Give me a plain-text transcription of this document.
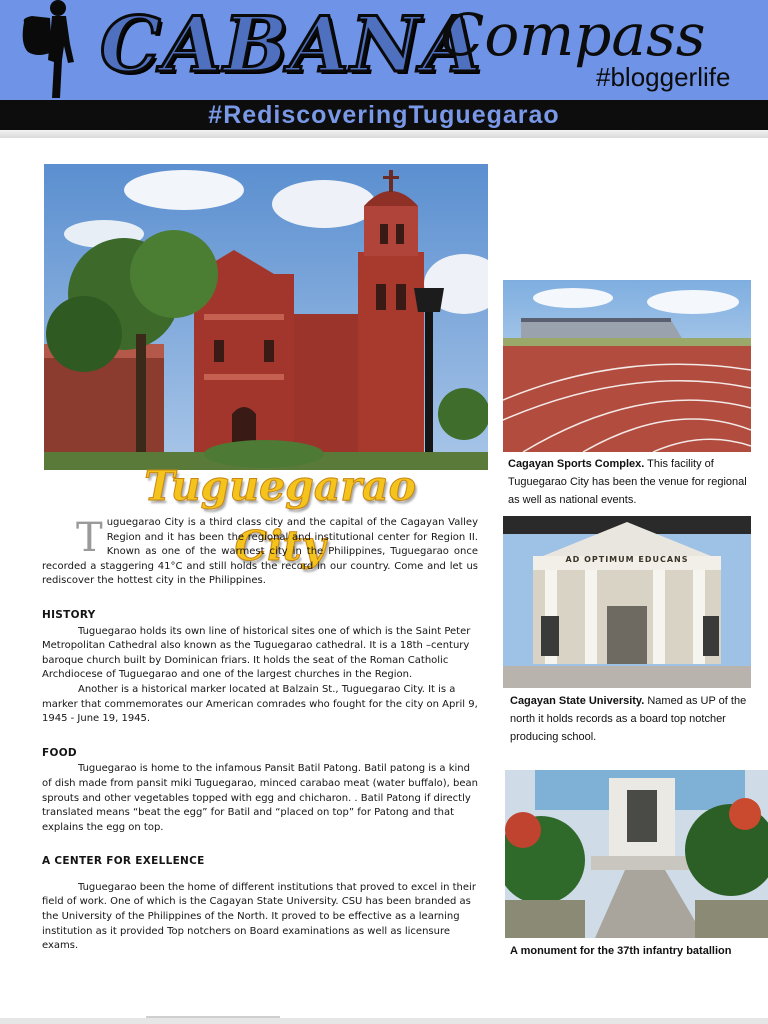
CABANA
Compass
#bloggerlife
#RediscoveringTuguegarao
Tuguegarao City

Tuguegarao City is a third class city and the capital of the Cagayan Valley Region and it has been the regional and institutional center for Region II. Known as one of the warmest city in the Philippines, Tuguegarao once recorded a staggering 41°C and still holds the record in our country. Come and let us rediscover the hottest city in the Philippines.

HISTORY

Tuguegarao holds its own line of historical sites one of which is the Saint Peter Metropolitan Cathedral also known as the Tuguegarao cathedral. It is a 18th –century baroque church built by Dominican friars. It holds the seat of the Roman Catholic Archdiocese of Tuguegarao and one of the largest churches in the Region.

Another is a historical marker located at Balzain St., Tuguegarao City. It is a marker that commemorates our American comrades who fought for the city on April 9, 1945 - June 19, 1945.

FOOD

Tuguegarao is home to the infamous Pansit Batil Patong. Batil patong is a kind of dish made from pansit miki Tuguegarao, minced carabao meat (water buffalo), bean sprouts and other vegetables topped with egg and chicharon. . Batil Patong if directly translated means “beat the egg” for Batil and “placed on top” for Patong and that explains the egg on top.

A CENTER FOR EXELLENCE

Tuguegarao been the home of different institutions that proved to excel in their field of work. One of which is the Cagayan State University. CSU has been branded as the University of the Philippines of the North. It proved to be effective as a learning institution as it provided Top notchers on Board examinations as well as licensure exams.

Cagayan Sports Complex. This facility of Tuguegarao City has been the venue for regional as well as national events.
AD OPTIMUM EDUCANS
Cagayan State University. Named as UP of the north it holds records as a board top notcher producing school.
A monument for the 37th infantry batallion
